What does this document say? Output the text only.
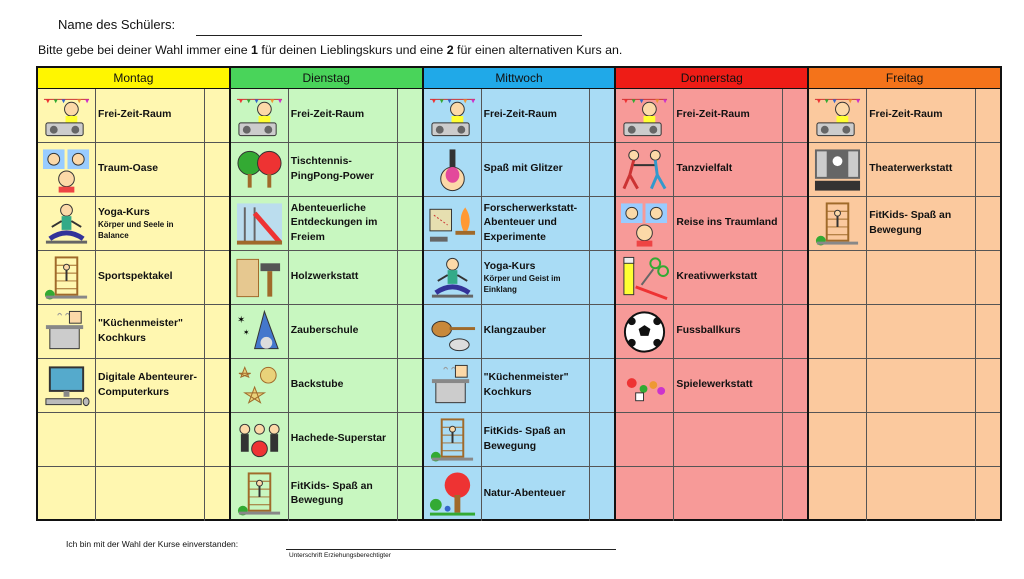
Name des Schülers:
Bitte gebe bei deiner Wahl immer eine 1 für deinen Lieblingskurs und eine 2 für einen alternativen Kurs an.
Montag
Frei-Zeit-Raum
Traum-Oase
Yoga-Kurs
Körper und Seele in Balance
Sportspektakel
"Küchenmeister" Kochkurs
Digitale Abenteurer-Computerkurs
Dienstag
Frei-Zeit-Raum
Tischtennis-PingPong-Power
Abenteuerliche Entdeckungen im Freiem
Holzwerkstatt
✶
✶	Zauberschule
Backstube
Hachede-Superstar
FitKids- Spaß an Bewegung
Mittwoch
Frei-Zeit-Raum
Spaß mit Glitzer
Forscherwerkstatt-Abenteuer und Experimente
Yoga-Kurs
Körper und Geist im Einklang
Klangzauber
"Küchenmeister" Kochkurs
FitKids- Spaß an Bewegung
Natur-Abenteuer
Donnerstag
Frei-Zeit-Raum
Tanzvielfalt
Reise ins Traumland
Kreativwerkstatt
Fussballkurs
Spielewerkstatt
Freitag
Frei-Zeit-Raum
Theaterwerkstatt
FitKids- Spaß an Bewegung
Ich bin mit der Wahl der Kurse einverstanden:
Unterschrift Erziehungsberechtigter
